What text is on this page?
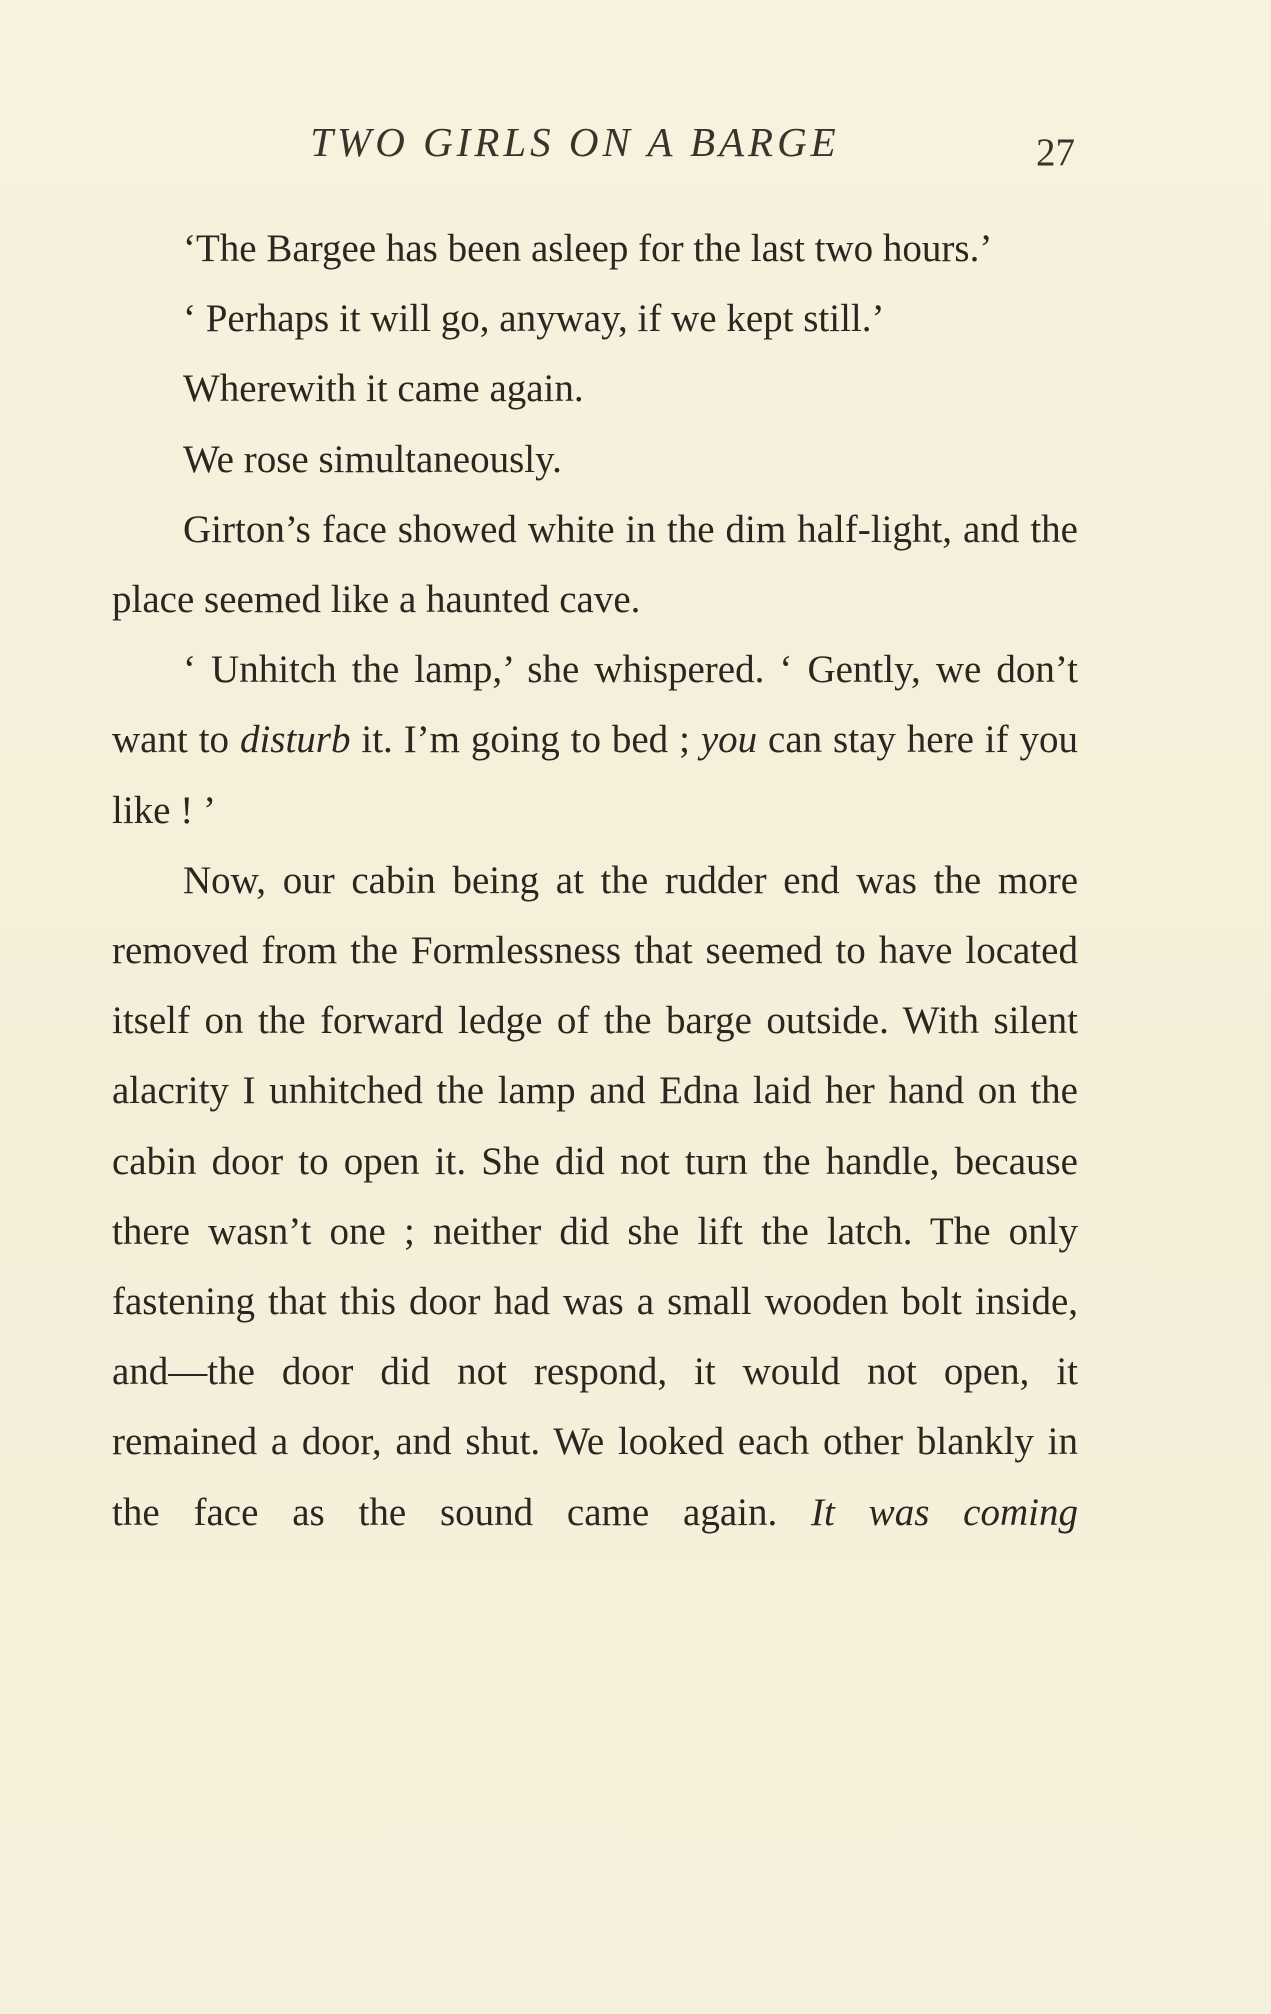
TWO GIRLS ON A BARGE	27

‘The Bargee has been asleep for the last two hours.’

‘ Perhaps it will go, anyway, if we kept still.’

Wherewith it came again.

We rose simultaneously.

Girton’s face showed white in the dim half-light, and the place seemed like a haunted cave.

‘ Unhitch the lamp,’ she whispered. ‘ Gently, we don’t want to disturb it. I’m going to bed ; you can stay here if you like ! ’

Now, our cabin being at the rudder end was the more removed from the Formlessness that seemed to have located itself on the forward ledge of the barge outside. With silent alacrity I unhitched the lamp and Edna laid her hand on the cabin door to open it. She did not turn the handle, because there wasn’t one ; neither did she lift the latch. The only fastening that this door had was a small wooden bolt inside, and—the door did not respond, it would not open, it remained a door, and shut. We looked each other blankly in the face as the sound came again. It was coming
